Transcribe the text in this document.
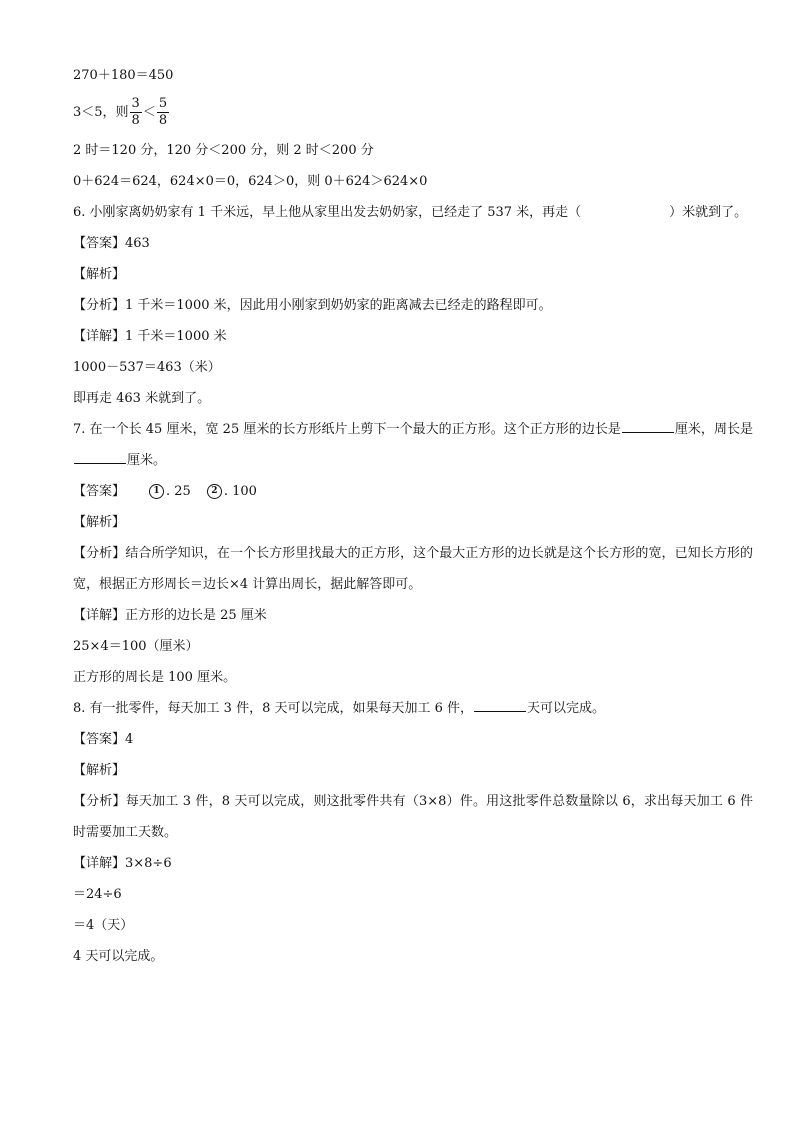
270＋180＝450
3＜5，则 $\frac{3}{8} < \frac{5}{8}$
2 时＝120 分，120 分＜200 分，则 2 时＜200 分
0＋624＝624，624×0＝0，624＞0，则 0＋624＞624×0
6. 小刚家离奶奶家有 1 千米远，早上他从家里出发去奶奶家，已经走了 537 米，再走（	）米就到了。
【答案】463
【解析】
【分析】1 千米＝1000 米，因此用小刚家到奶奶家的距离减去已经走的路程即可。
【详解】1 千米＝1000 米
1000－537＝463（米）
即再走 463 米就到了。
7. 在一个长 45 厘米，宽 25 厘米的长方形纸片上剪下一个最大的正方形。这个正方形的边长是	厘米，周长是厘米。
【答案】	1 . 25 2 . 100
【解析】
【分析】结合所学知识，在一个长方形里找最大的正方形，这个最大正方形的边长就是这个长方形的宽，已知长方形的宽，根据正方形周长＝边长×4 计算出周长，据此解答即可。
【详解】正方形的边长是 25 厘米
25×4＝100（厘米）
正方形的周长是 100 厘米。
8. 有一批零件，每天加工 3 件，8 天可以完成，如果每天加工 6 件，	天可以完成。
【答案】4
【解析】
【分析】每天加工 3 件，8 天可以完成，则这批零件共有（3×8）件。用这批零件总数量除以 6，求出每天加工 6 件时需要加工天数。
【详解】3×8÷6
＝24÷6
＝4（天）
4 天可以完成。
